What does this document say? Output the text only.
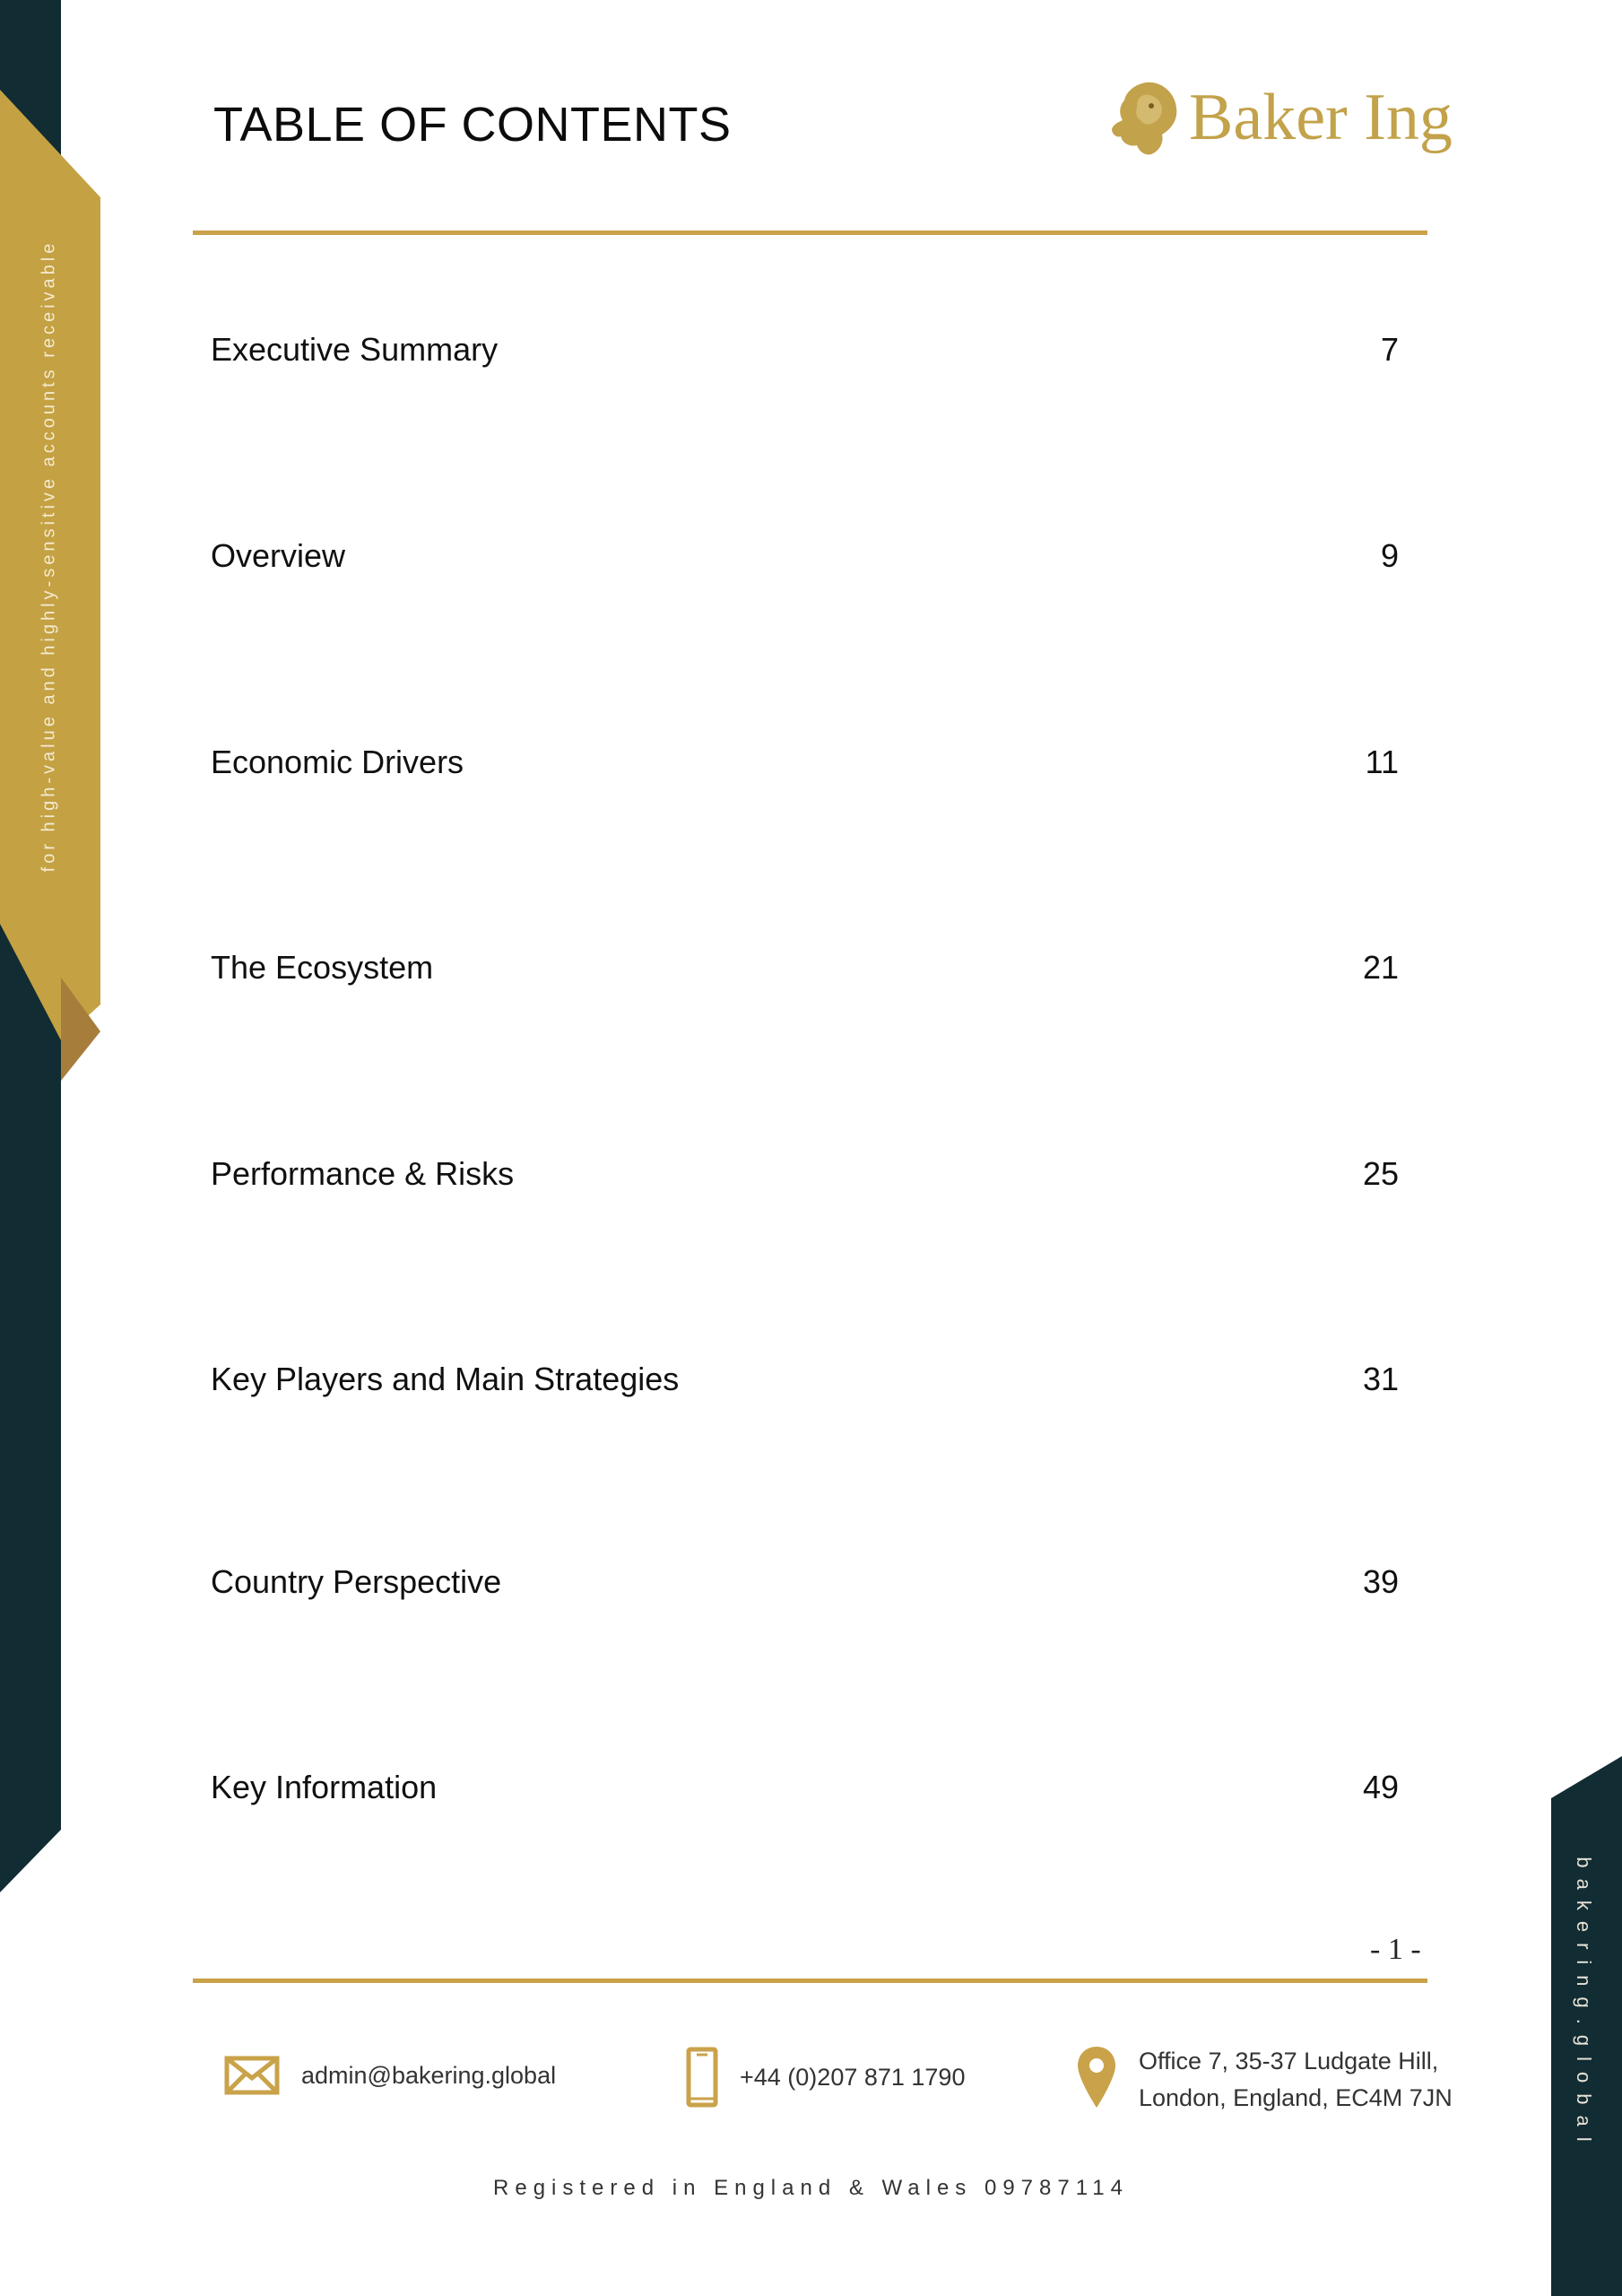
for high-value and highly-sensitive accounts receivable
bakering.global
TABLE OF CONTENTS	Baker Ing
Executive Summary	7
Overview	9
Economic Drivers	11
The Ecosystem	21
Performance & Risks	25
Key Players and Main Strategies	31
Country Perspective	39
Key Information	49
- 1 -
admin@bakering.global	+44 (0)207 871 1790
Office 7, 35-37 Ludgate Hill,
London, England, EC4M 7JN
Registered in England & Wales 09787114
